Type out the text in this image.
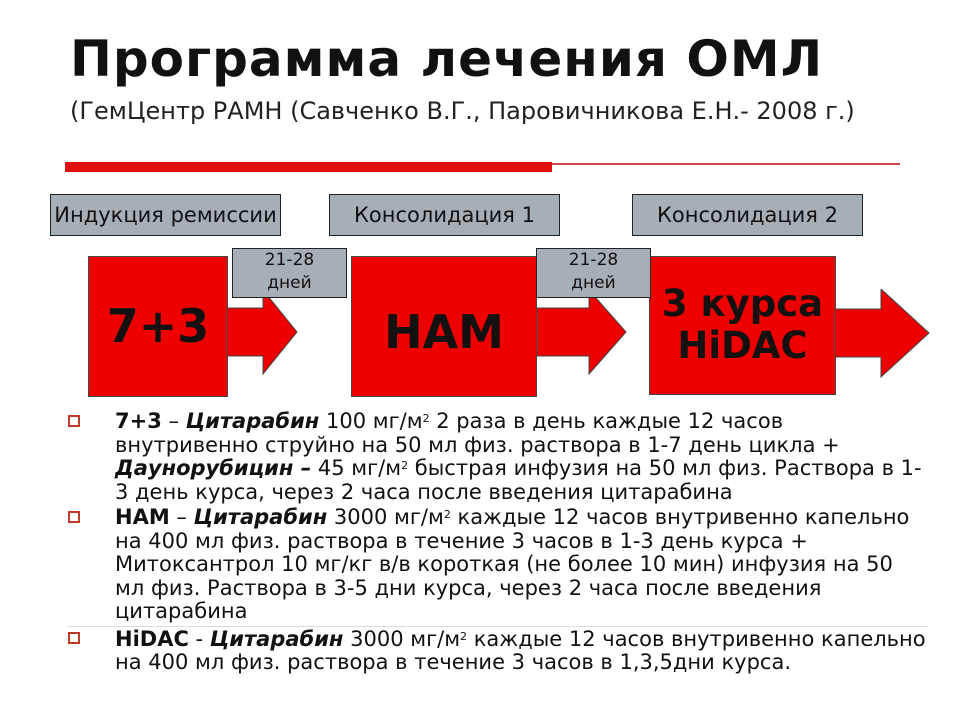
Программа лечения ОМЛ
(ГемЦентр РАМН (Савченко В.Г., Паровичникова Е.Н.- 2008 г.)
Индукция ремиссии	Консолидация 1	Консолидация 2
7+3	HAM
3 курса
HiDAC
21-28
дней
21-28
дней
7+3 – Цитарабин 100 $мг/м^2$ 2 раза в день каждые 12 часов внутривенно струйно на 50 мл физ. раствора в 1-7 день цикла + Даунорубицин – 45 $мг/м^2$ быстрая инфузия на 50 мл физ. Раствора в 1-3 день курса, через 2 часа после введения цитарабина
HAM – Цитарабин 3000 $мг/м^2$ каждые 12 часов внутривенно капельно на 400 мл физ. раствора в течение 3 часов в 1-3 день курса + Митоксантрол 10 мг/кг в/в короткая (не более 10 мин) инфузия на 50 мл физ. Раствора в 3-5 дни курса, через 2 часа после введения цитарабина
HiDAC - Цитарабин 3000 $мг/м^2$ каждые 12 часов внутривенно капельно на 400 мл физ. раствора в течение 3 часов в 1,3,5дни курса.
